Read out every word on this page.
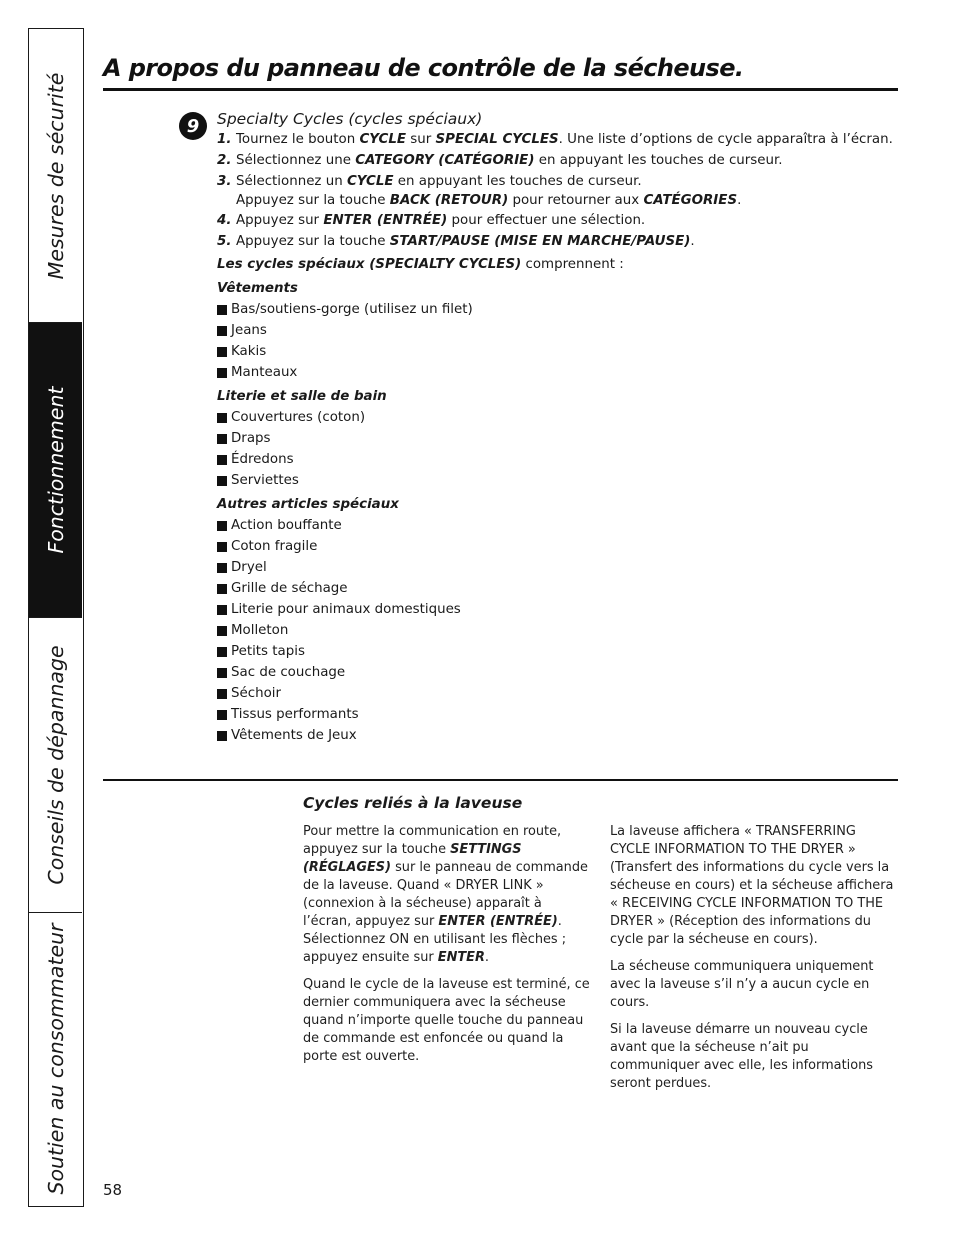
Mesures de sécurité
Fonctionnement
Conseils de dépannage
Soutien au consommateur
A propos du panneau de contrôle de la sécheuse.
9	Specialty Cycles (cycles spéciaux)
1. Tournez le bouton CYCLE sur SPECIAL CYCLES. Une liste d’options de cycle apparaîtra à l’écran.
2. Sélectionnez une CATEGORY (CATÉGORIE) en appuyant les touches de curseur.
3. Sélectionnez un CYCLE en appuyant les touches de curseur.
Appuyez sur la touche BACK (RETOUR) pour retourner aux CATÉGORIES.
4. Appuyez sur ENTER (ENTRÉE) pour effectuer une sélection.
5. Appuyez sur la touche START/PAUSE (MISE EN MARCHE/PAUSE).

Les cycles spéciaux (SPECIALTY CYCLES) comprennent :

Vêtements
Bas/soutiens-gorge (utilisez un filet)
Jeans
Kakis
Manteaux
Literie et salle de bain
Couvertures (coton)
Draps
Édredons
Serviettes
Autres articles spéciaux
Action bouffante
Coton fragile
Dryel
Grille de séchage
Literie pour animaux domestiques
Molleton
Petits tapis
Sac de couchage
Séchoir
Tissus performants
Vêtements de Jeux
Cycles reliés à la laveuse

Pour mettre la communication en route, appuyez sur la touche SETTINGS (RÉGLAGES) sur le panneau de commande de la laveuse. Quand « DRYER LINK » (connexion à la sécheuse) apparaît à l’écran, appuyez sur ENTER (ENTRÉE). Sélectionnez ON en utilisant les flèches ; appuyez ensuite sur ENTER.

Quand le cycle de la laveuse est terminé, ce dernier communiquera avec la sécheuse quand n’importe quelle touche du panneau de commande est enfoncée ou quand la porte est ouverte.

La laveuse affichera « TRANSFERRING CYCLE INFORMATION TO THE DRYER » (Transfert des informations du cycle vers la sécheuse en cours) et la sécheuse affichera « RECEIVING CYCLE INFORMATION TO THE DRYER » (Réception des informations du cycle par la sécheuse en cours).

La sécheuse communiquera uniquement avec la laveuse s’il n’y a aucun cycle en cours.

Si la laveuse démarre un nouveau cycle avant que la sécheuse n’ait pu communiquer avec elle, les informations seront perdues.

58
